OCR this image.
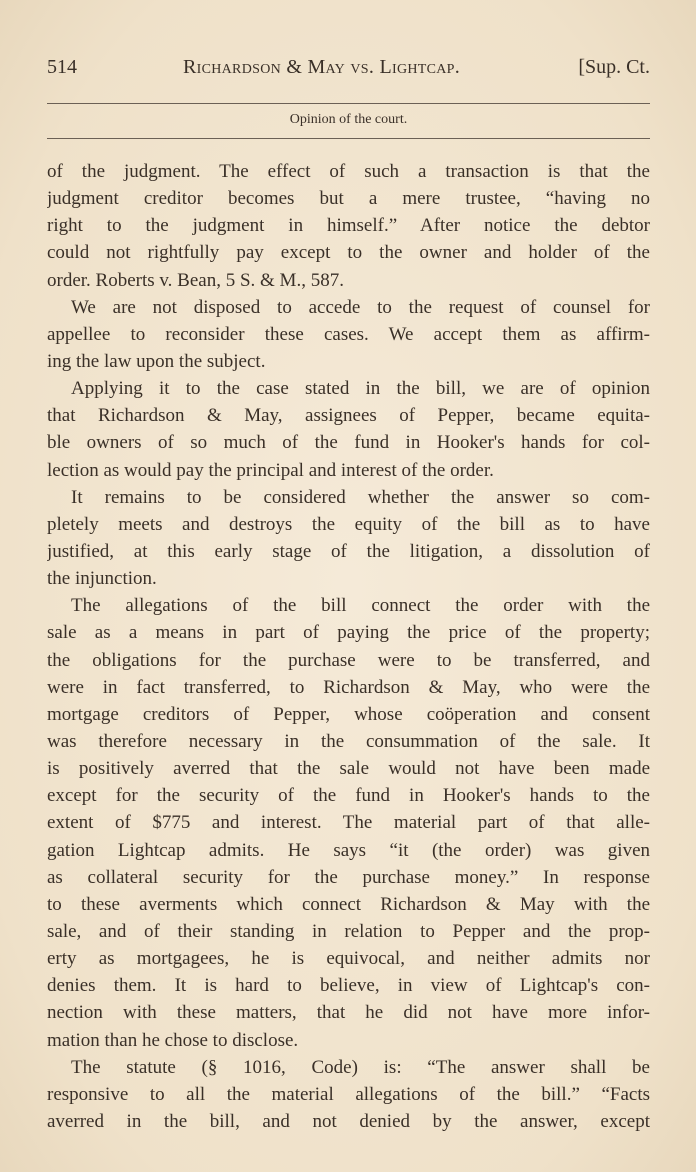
514	Richardson & May vs. Lightcap.	[Sup. Ct.
Opinion of the court.
of the judgment. The effect of such a transaction is that the
judgment creditor becomes but a mere trustee, “having no
right to the judgment in himself.” After notice the debtor
could not rightfully pay except to the owner and holder of the
order. Roberts v. Bean, 5 S. & M., 587.
We are not disposed to accede to the request of counsel for
appellee to reconsider these cases. We accept them as affirm-
ing the law upon the subject.
Applying it to the case stated in the bill, we are of opinion
that Richardson & May, assignees of Pepper, became equita-
ble owners of so much of the fund in Hooker's hands for col-
lection as would pay the principal and interest of the order.
It remains to be considered whether the answer so com-
pletely meets and destroys the equity of the bill as to have
justified, at this early stage of the litigation, a dissolution of
the injunction.
The allegations of the bill connect the order with the
sale as a means in part of paying the price of the property;
the obligations for the purchase were to be transferred, and
were in fact transferred, to Richardson & May, who were the
mortgage creditors of Pepper, whose coöperation and consent
was therefore necessary in the consummation of the sale. It
is positively averred that the sale would not have been made
except for the security of the fund in Hooker's hands to the
extent of $775 and interest. The material part of that alle-
gation Lightcap admits. He says “it (the order) was given
as collateral security for the purchase money.” In response
to these averments which connect Richardson & May with the
sale, and of their standing in relation to Pepper and the prop-
erty as mortgagees, he is equivocal, and neither admits nor
denies them. It is hard to believe, in view of Lightcap's con-
nection with these matters, that he did not have more infor-
mation than he chose to disclose.
The statute (§ 1016, Code) is: “The answer shall be
responsive to all the material allegations of the bill.” “Facts
averred in the bill, and not denied by the answer, except
